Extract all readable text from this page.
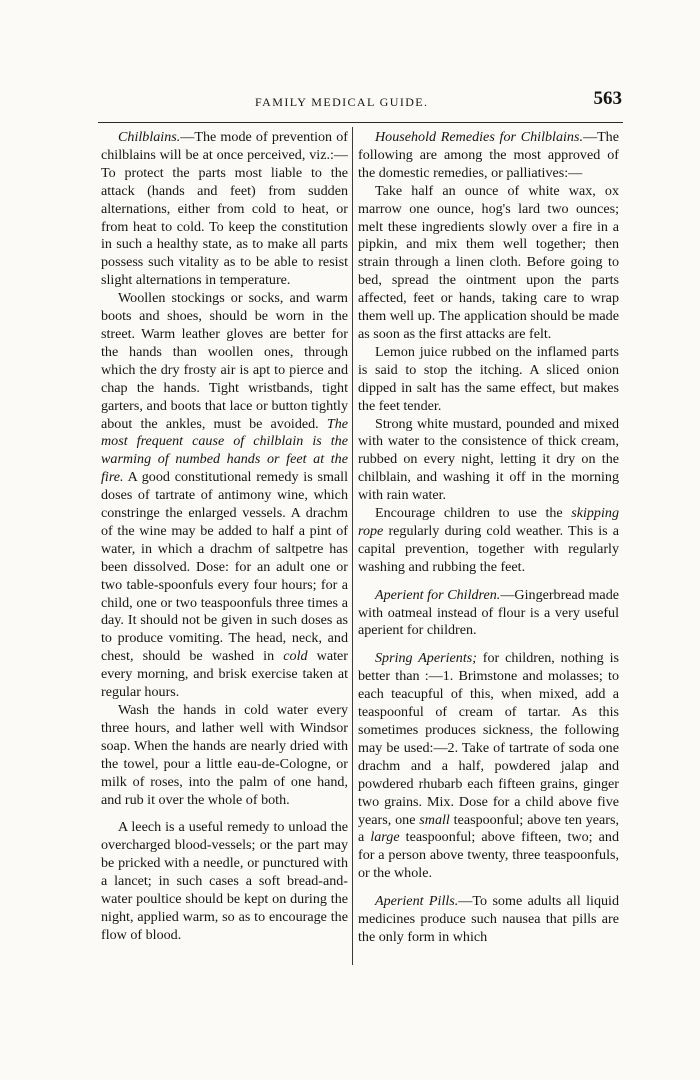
FAMILY MEDICAL GUIDE.	563

Chilblains.—The mode of prevention of chilblains will be at once perceived, viz.:—To protect the parts most liable to the attack (hands and feet) from sudden alternations, either from cold to heat, or from heat to cold. To keep the constitution in such a healthy state, as to make all parts possess such vitality as to be able to resist slight alternations in temperature.

Woollen stockings or socks, and warm boots and shoes, should be worn in the street. Warm leather gloves are better for the hands than woollen ones, through which the dry frosty air is apt to pierce and chap the hands. Tight wristbands, tight garters, and boots that lace or button tightly about the ankles, must be avoided. The most frequent cause of chilblain is the warming of numbed hands or feet at the fire. A good constitutional remedy is small doses of tartrate of antimony wine, which constringe the enlarged vessels. A drachm of the wine may be added to half a pint of water, in which a drachm of saltpetre has been dissolved. Dose: for an adult one or two table-spoonfuls every four hours; for a child, one or two teaspoonfuls three times a day. It should not be given in such doses as to produce vomiting. The head, neck, and chest, should be washed in cold water every morning, and brisk exercise taken at regular hours.

Wash the hands in cold water every three hours, and lather well with Windsor soap. When the hands are nearly dried with the towel, pour a little eau-de-Cologne, or milk of roses, into the palm of one hand, and rub it over the whole of both.

A leech is a useful remedy to unload the overcharged blood-vessels; or the part may be pricked with a needle, or punctured with a lancet; in such cases a soft bread-and-water poultice should be kept on during the night, applied warm, so as to encourage the flow of blood.

Household Remedies for Chilblains.—The following are among the most approved of the domestic remedies, or palliatives:—

Take half an ounce of white wax, ox marrow one ounce, hog's lard two ounces; melt these ingredients slowly over a fire in a pipkin, and mix them well together; then strain through a linen cloth. Before going to bed, spread the ointment upon the parts affected, feet or hands, taking care to wrap them well up. The application should be made as soon as the first attacks are felt.

Lemon juice rubbed on the inflamed parts is said to stop the itching. A sliced onion dipped in salt has the same effect, but makes the feet tender.

Strong white mustard, pounded and mixed with water to the consistence of thick cream, rubbed on every night, letting it dry on the chilblain, and washing it off in the morning with rain water.

Encourage children to use the skipping rope regularly during cold weather. This is a capital prevention, together with regularly washing and rubbing the feet.

Aperient for Children.—Gingerbread made with oatmeal instead of flour is a very useful aperient for children.

Spring Aperients; for children, nothing is better than :—1. Brimstone and molasses; to each teacupful of this, when mixed, add a teaspoonful of cream of tartar. As this sometimes produces sickness, the following may be used:—2. Take of tartrate of soda one drachm and a half, powdered jalap and powdered rhubarb each fifteen grains, ginger two grains. Mix. Dose for a child above five years, one small teaspoonful; above ten years, a large teaspoonful; above fifteen, two; and for a person above twenty, three teaspoonfuls, or the whole.

Aperient Pills.—To some adults all liquid medicines produce such nausea that pills are the only form in which
